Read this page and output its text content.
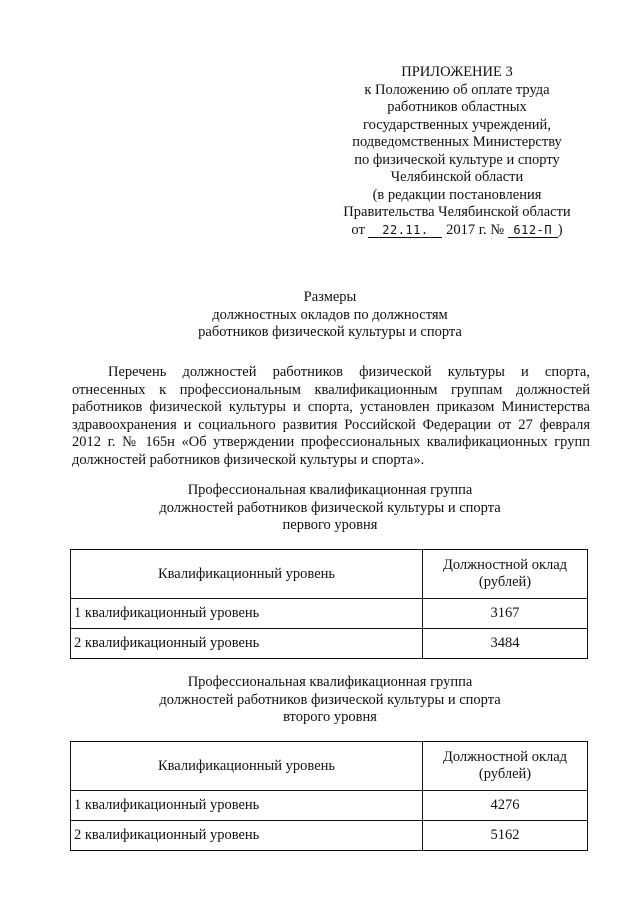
ПРИЛОЖЕНИЕ 3
к Положению об оплате труда
работников областных
государственных учреждений,
подведомственных Министерству
по физической культуре и спорту
Челябинской области
(в редакции постановления
Правительства Челябинской области
от 22.11. 2017 г. № 612-П )
Размеры
должностных окладов по должностям
работников физической культуры и спорта
Перечень должностей работников физической культуры и спорта,
отнесенных к профессиональным квалификационным группам должностей
работников физической культуры и спорта, установлен приказом Министерства
здравоохранения и социального развития Российской Федерации от 27 февраля
2012 г. № 165н «Об утверждении профессиональных квалификационных групп
должностей работников физической культуры и спорта».
Профессиональная квалификационная группа
должностей работников физической культуры и спорта
первого уровня
Квалификационный уровень	Должностной оклад
(рублей)

1 квалификационный уровень	3167
2 квалификационный уровень	3484
Профессиональная квалификационная группа
должностей работников физической культуры и спорта
второго уровня
Квалификационный уровень	Должностной оклад
(рублей)

1 квалификационный уровень	4276
2 квалификационный уровень	5162
